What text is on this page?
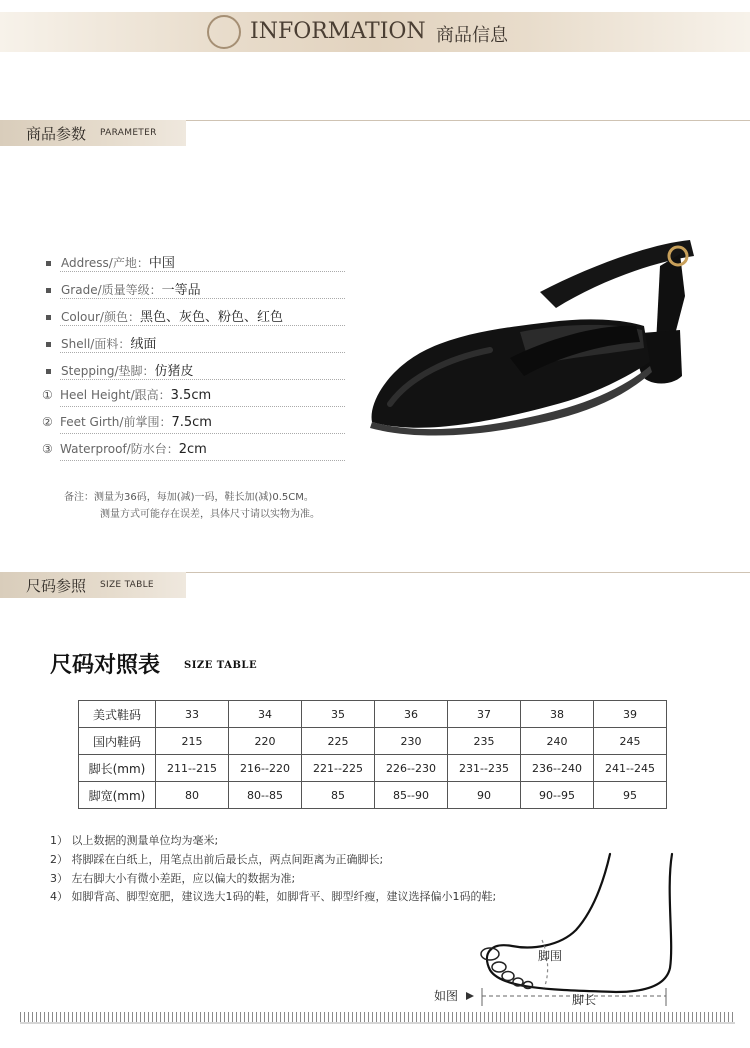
INFORMATION 商品信息
商品参数 PARAMETER
Address/产地：中国
Grade/质量等级：一等品
Colour/颜色：黑色、灰色、粉色、红色
Shell/面料：绒面
Stepping/垫脚：仿猪皮
① Heel Height/跟高：3.5cm
② Feet Girth/前掌围：7.5cm
③ Waterproof/防水台：2cm
备注：测量为36码，每加(减)一码，鞋长加(减)0.5CM。
测量方式可能存在误差，具体尺寸请以实物为准。
尺码参照 SIZE TABLE
尺码对照表 SIZE TABLE
美式鞋码	33	34	35	36	37	38	39
国内鞋码	215	220	225	230	235	240	245
脚长(mm)	211--215	216--220	221--225	226--230	231--235	236--240	241--245
脚宽(mm)	80	80--85	85	85--90	90	90--95	95
1） 以上数据的测量单位均为毫米;
2） 将脚踩在白纸上，用笔点出前后最长点，两点间距离为正确脚长;
3） 左右脚大小有微小差距，应以偏大的数据为准;
4） 如脚背高、脚型宽肥，建议选大1码的鞋，如脚背平、脚型纤瘦，建议选择偏小1码的鞋;
脚围
脚长
如图
